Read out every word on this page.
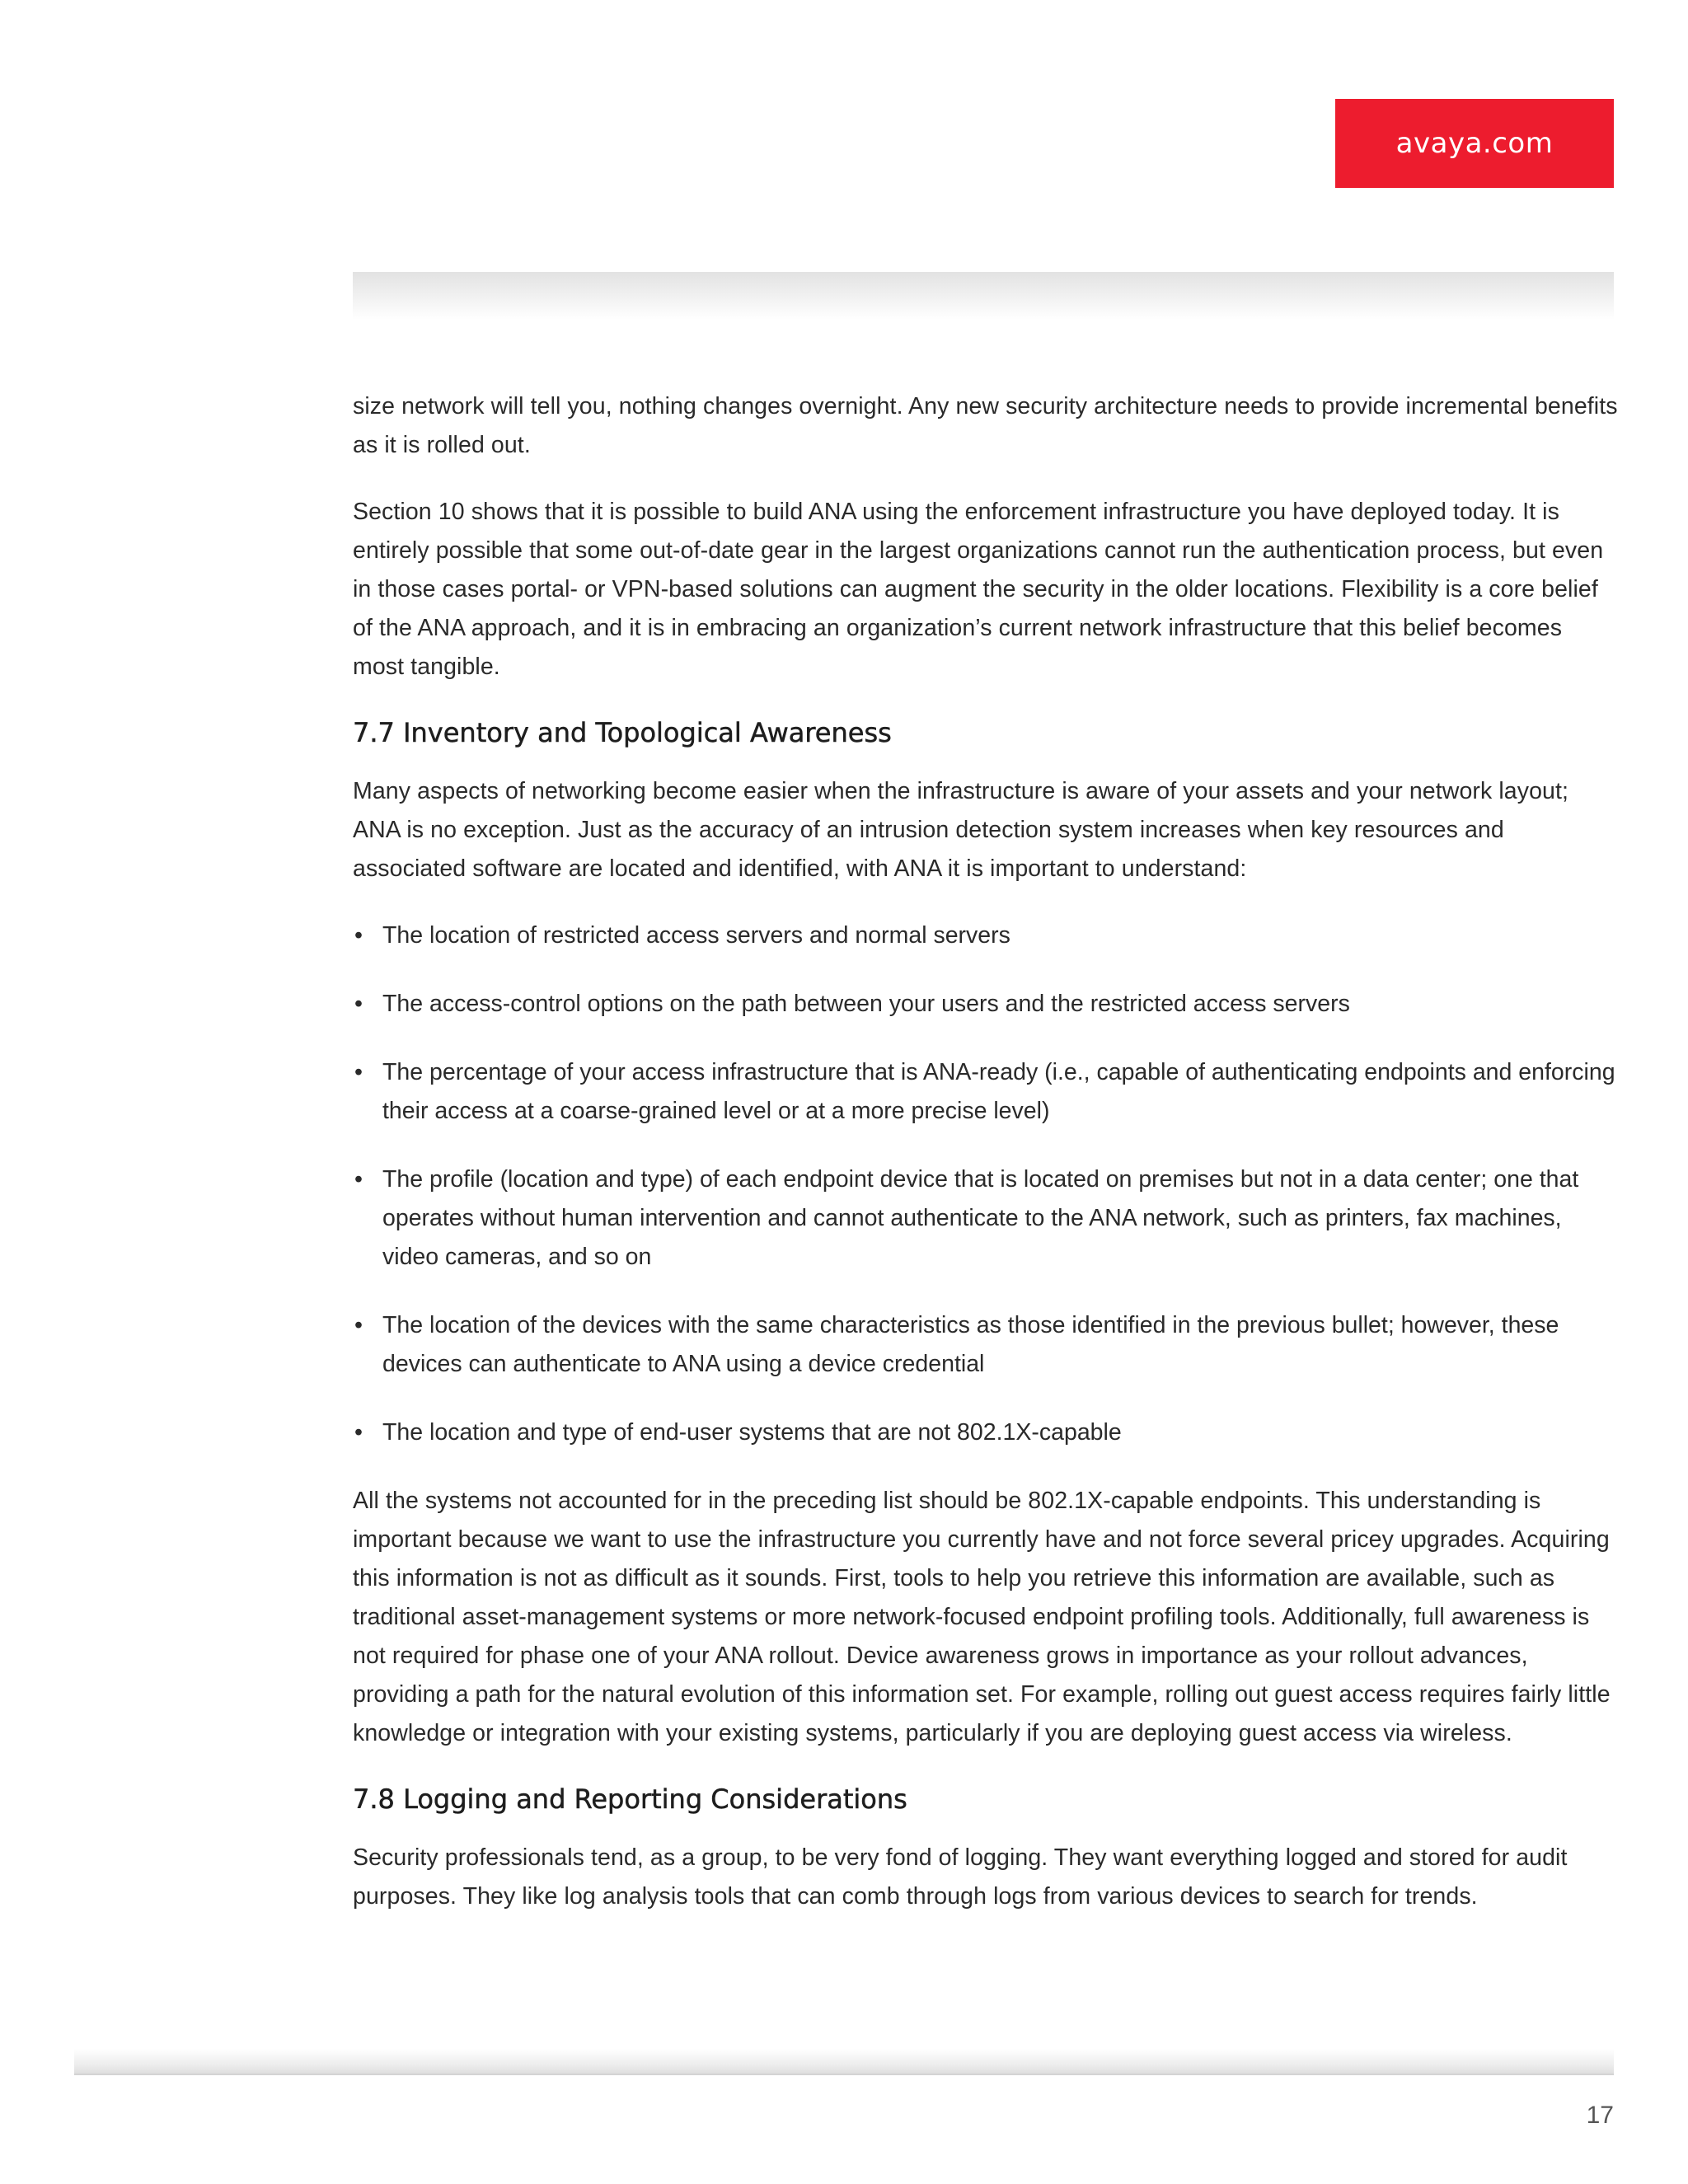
avaya.com

size network will tell you, nothing changes overnight. Any new security architecture needs to provide incremental benefits as it is rolled out.

Section 10 shows that it is possible to build ANA using the enforcement infrastructure you have deployed today. It is entirely possible that some out-of-date gear in the largest organizations cannot run the authentication process, but even in those cases portal- or VPN-based solutions can augment the security in the older locations. Flexibility is a core belief of the ANA approach, and it is in embracing an organization’s current network infrastructure that this belief becomes most tangible.

7.7 Inventory and Topological Awareness

Many aspects of networking become easier when the infrastructure is aware of your assets and your network layout; ANA is no exception. Just as the accuracy of an intrusion detection system increases when key resources and associated software are located and identified, with ANA it is important to understand:

• The location of restricted access servers and normal servers
• The access-control options on the path between your users and the restricted access servers
• The percentage of your access infrastructure that is ANA-ready (i.e., capable of authenticating endpoints and enforcing their access at a coarse-grained level or at a more precise level)
• The profile (location and type) of each endpoint device that is located on premises but not in a data center; one that operates without human intervention and cannot authenticate to the ANA network, such as printers, fax machines, video cameras, and so on
• The location of the devices with the same characteristics as those identified in the previous bullet; however, these devices can authenticate to ANA using a device credential
• The location and type of end-user systems that are not 802.1X-capable

All the systems not accounted for in the preceding list should be 802.1X-capable endpoints. This understanding is important because we want to use the infrastructure you currently have and not force several pricey upgrades. Acquiring this information is not as difficult as it sounds. First, tools to help you retrieve this information are available, such as traditional asset-management systems or more network-focused endpoint profiling tools. Additionally, full awareness is not required for phase one of your ANA rollout. Device awareness grows in importance as your rollout advances, providing a path for the natural evolution of this information set. For example, rolling out guest access requires fairly little knowledge or integration with your existing systems, particularly if you are deploying guest access via wireless.

7.8 Logging and Reporting Considerations

Security professionals tend, as a group, to be very fond of logging. They want everything logged and stored for audit purposes. They like log analysis tools that can comb through logs from various devices to search for trends.

17
